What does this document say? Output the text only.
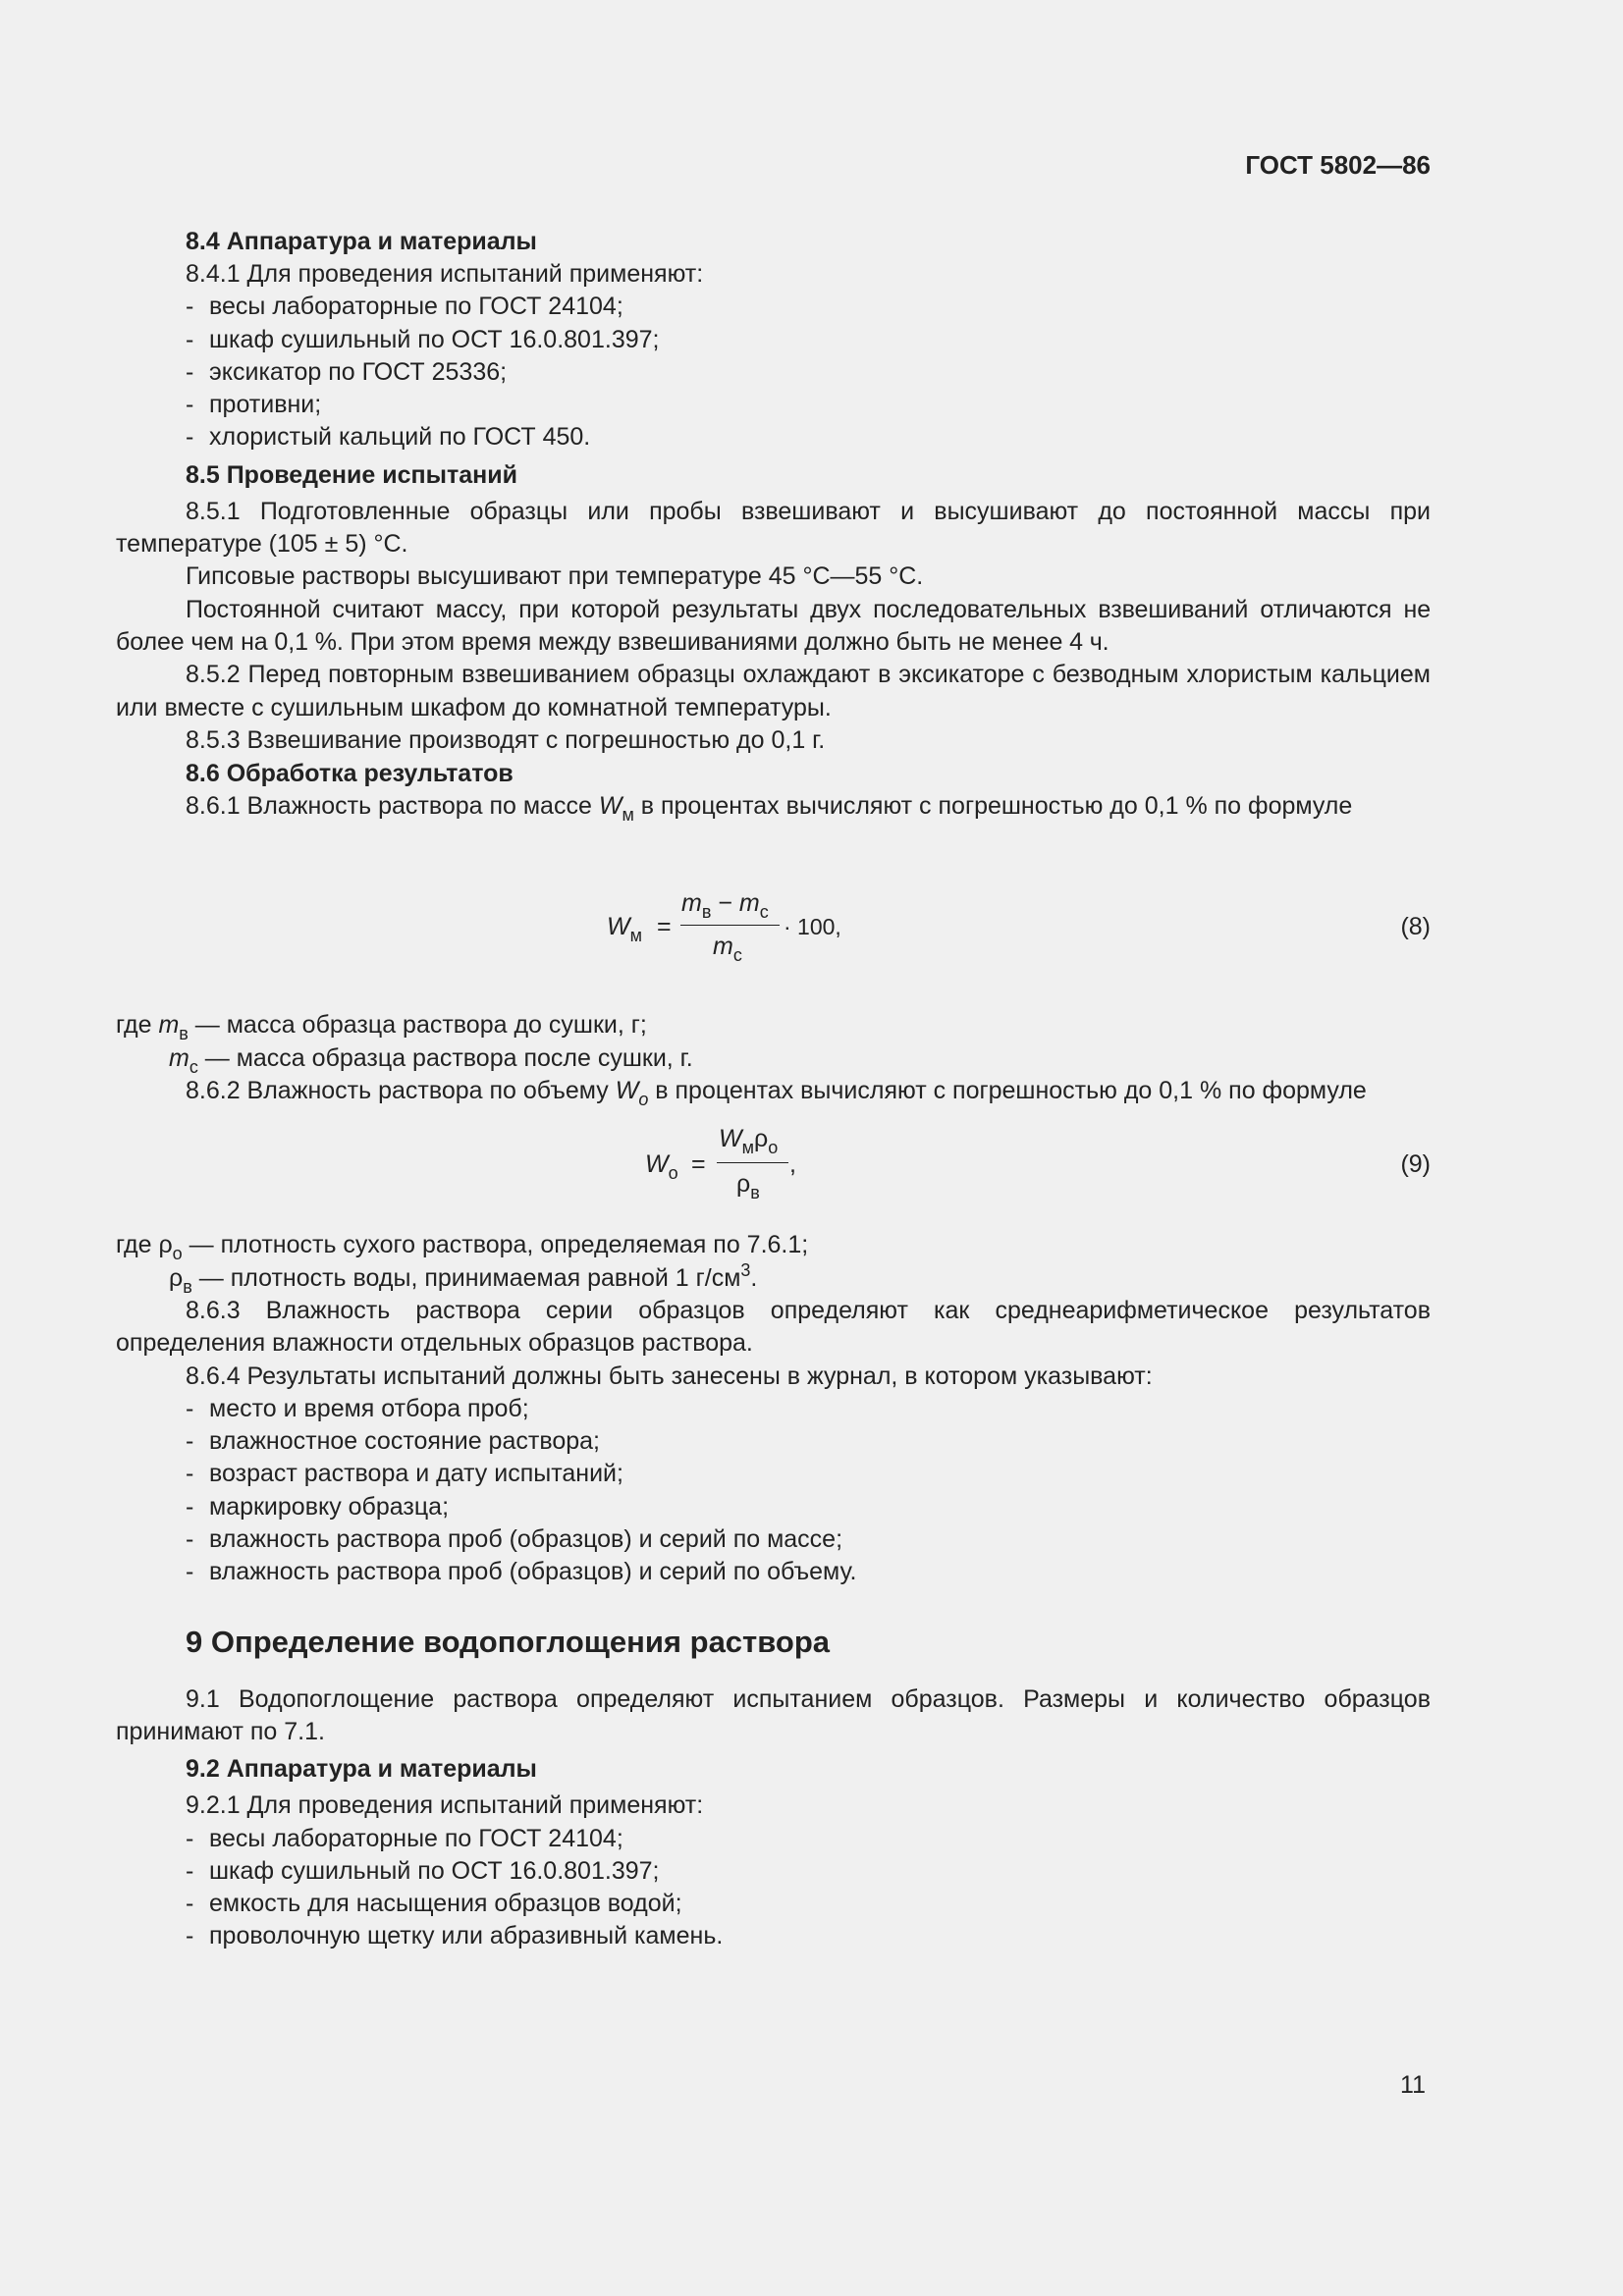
ГОСТ 5802—86
8.4 Аппаратура и материалы

8.4.1 Для проведения испытаний применяют:

- весы лабораторные по ГОСТ 24104;
- шкаф сушильный по ОСТ 16.0.801.397;
- эксикатор по ГОСТ 25336;
- противни;
- хлористый кальций по ГОСТ 450.
8.5 Проведение испытаний

8.5.1 Подготовленные образцы или пробы взвешивают и высушивают до постоянной массы при температуре (105 ± 5) °С.

Гипсовые растворы высушивают при температуре 45 °С—55 °С.

Постоянной считают массу, при которой результаты двух последовательных взвешиваний отличаются не более чем на 0,1 %. При этом время между взвешиваниями должно быть не менее 4 ч.

8.5.2 Перед повторным взвешиванием образцы охлаждают в эксикаторе с безводным хлористым кальцием или вместе с сушильным шкафом до комнатной температуры.

8.5.3 Взвешивание производят с погрешностью до 0,1 г.

8.6 Обработка результатов

8.6.1 Влажность раствора по массе $W_м$ в процентах вычисляют с погрешностью до 0,1 % по формуле

$W_м$ =
$m_в - m_с$
$m_с$
· 100,	(8)

где $m_в$ — масса образца раствора до сушки, г;

$m_с$ — масса образца раствора после сушки, г.

8.6.2 Влажность раствора по объему $W_o$ в процентах вычисляют с погрешностью до 0,1 % по формуле

$W_о$ =
$W_м\rho_о$
$\rho_в$
,	(9)

где $\rho_о$ — плотность сухого раствора, определяемая по 7.6.1;

$\rho_в$ — плотность воды, принимаемая равной 1 $г/см^3$.

8.6.3 Влажность раствора серии образцов определяют как среднеарифметическое результатов определения влажности отдельных образцов раствора.

8.6.4 Результаты испытаний должны быть занесены в журнал, в котором указывают:

- место и время отбора проб;
- влажностное состояние раствора;
- возраст раствора и дату испытаний;
- маркировку образца;
- влажность раствора проб (образцов) и серий по массе;
- влажность раствора проб (образцов) и серий по объему.
9 Определение водопоглощения раствора

9.1 Водопоглощение раствора определяют испытанием образцов. Размеры и количество образцов принимают по 7.1.

9.2 Аппаратура и материалы

9.2.1 Для проведения испытаний применяют:

- весы лабораторные по ГОСТ 24104;
- шкаф сушильный по ОСТ 16.0.801.397;
- емкость для насыщения образцов водой;
- проволочную щетку или абразивный камень.
11
